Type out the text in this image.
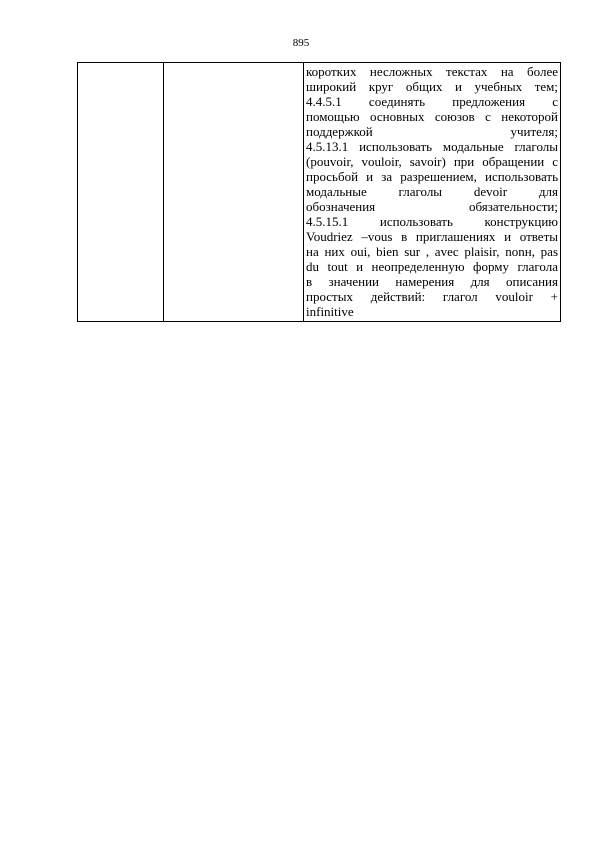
895

коротких несложных текстах на более
широкий круг общих и учебных тем;
4.4.5.1 соединять предложения с
помощью основных союзов с некоторой
поддержкой учителя;
4.5.13.1 использовать модальные глаголы
(pouvoir, vouloir, savoir) при обращении с
просьбой и за разрешением, использовать
модальные глаголы devoir для
обозначения обязательности;
4.5.15.1 использовать конструкцию
Voudriez –vous в приглашениях и ответы
на них oui, bien sur , avec plaisir, nonн, pas
du tout и неопределенную форму глагола
в значении намерения для описания
простых действий: глагол vouloir +
infinitive
